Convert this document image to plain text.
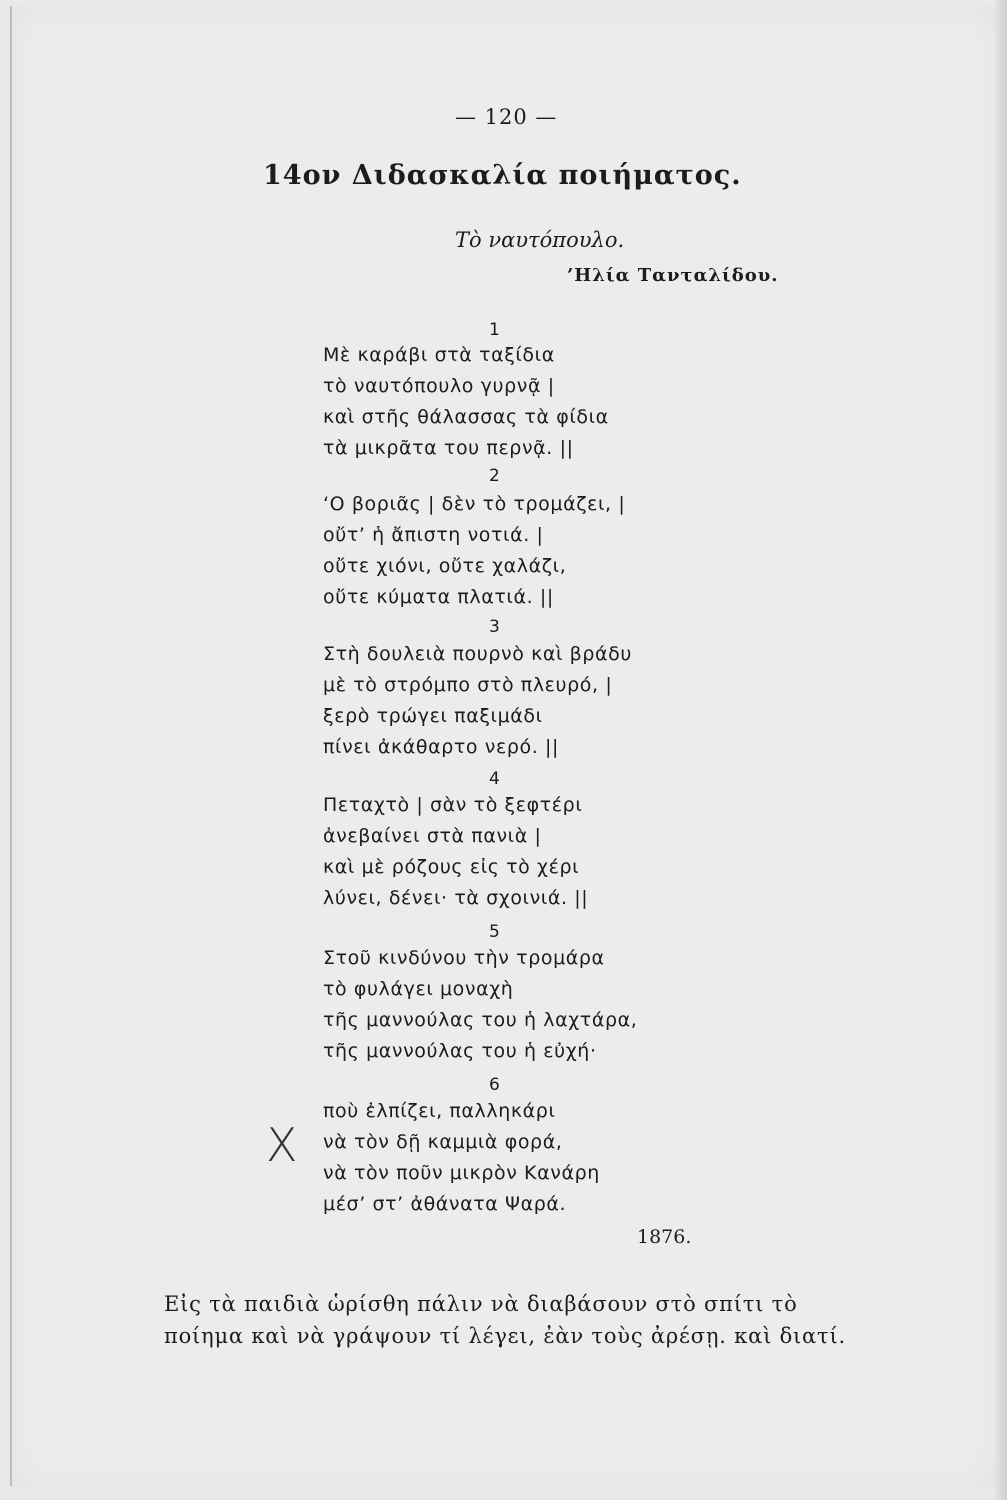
— 120 —
14ον Διδασκαλία ποιήματος.
Τὸ ναυτόπουλο.
’Ηλία Τανταλίδου.
1
Μὲ καράβι στὰ ταξίδια
τὸ ναυτόπουλο γυρνᾷ |
καὶ στῆς θάλασσας τὰ φίδια
τὰ μικρᾶτα του περνᾷ. ||
2
‘Ο βοριᾶς | δὲν τὸ τρομάζει, |
οὔτ’ ἡ ἄπιστη νοτιά. |
οὔτε χιόνι, οὔτε χαλάζι,
οὔτε κύματα πλατιά. ||
3
Στὴ δουλειὰ πουρνὸ καὶ βράδυ
μὲ τὸ στρόμπο στὸ πλευρό, |
ξερὸ τρώγει παξιμάδι
πίνει ἀκάθαρτο νερό. ||
4
Πεταχτὸ | σὰν τὸ ξεφτέρι
ἀνεβαίνει στὰ πανιὰ |
καὶ μὲ ρόζους εἰς τὸ χέρι
λύνει, δένει· τὰ σχοινιά. ||
5
Στοῦ κινδύνου τὴν τρομάρα
τὸ φυλάγει μοναχὴ
τῆς μαννούλας του ἡ λαχτάρα,
τῆς μαννούλας του ἡ εὐχή·
6
ποὺ ἐλπίζει, παλληκάρι
νὰ τὸν δῇ καμμιὰ φορά,
νὰ τὸν ποῦν μικρὸν Κανάρη
μέσ’ στ’ ἀθάνατα Ψαρά.
1876.
X
Εἰς τὰ παιδιὰ ὡρίσθη πάλιν νὰ διαβάσουν στὸ σπίτι τὸ
ποίημα καὶ νὰ γράψουν τί λέγει, ἐὰν τοὺς ἀρέσῃ. καὶ διατί.
